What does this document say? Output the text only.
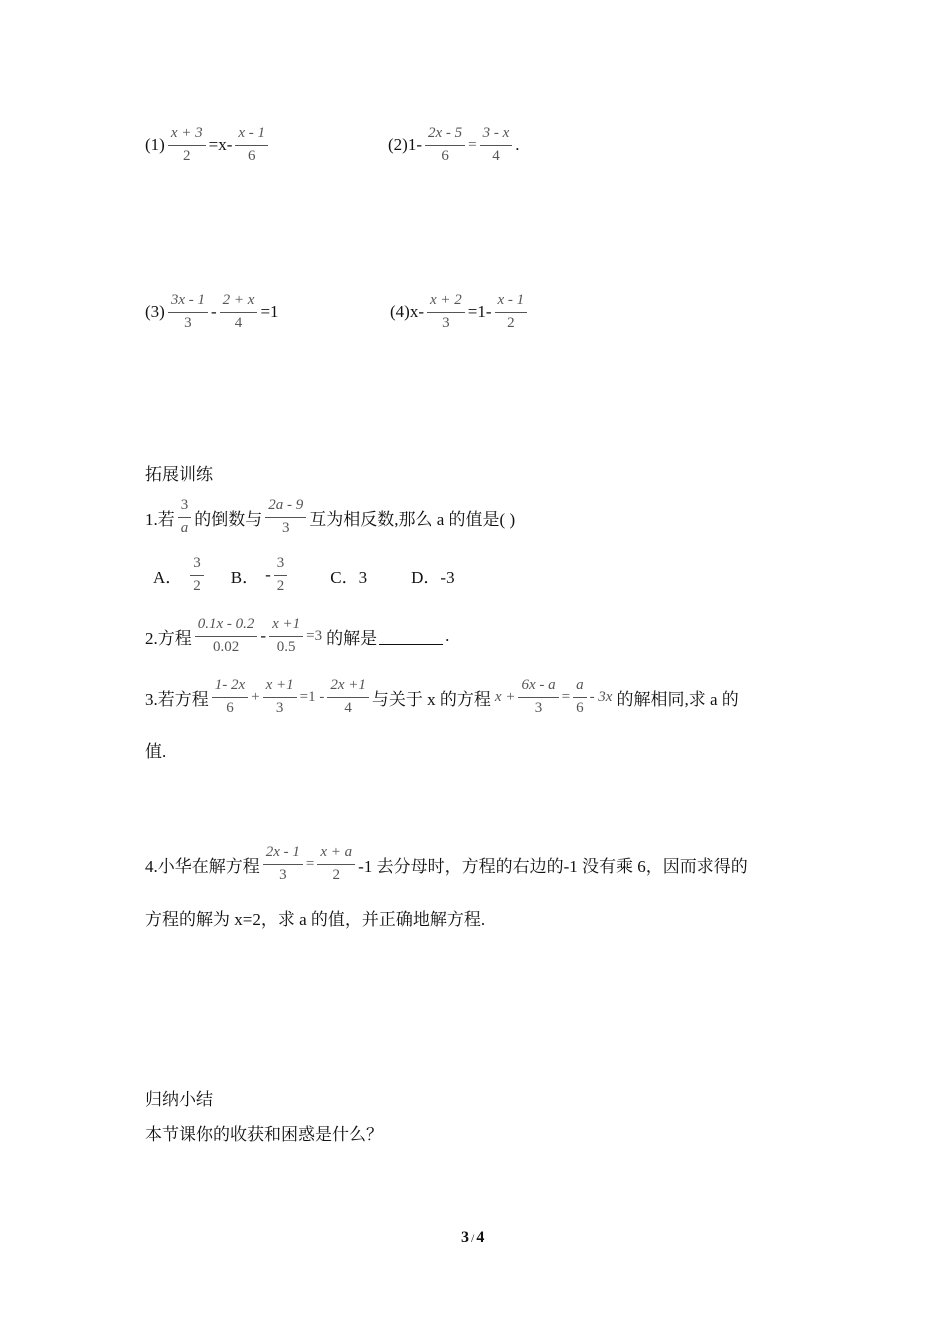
$(1) \frac{x + 3}{2} =x- \frac{x - 1}{6}$	$(2)1- \frac{2x - 5}{6} = \frac{3 - x}{4}$ .
$(3) \frac{3x - 1}{3} - \frac{2 + x}{4} =1$	$(4)x- \frac{x + 2}{3} =1- \frac{x - 1}{2}$
拓展训练
1.若 $\frac{3}{a}$ 的倒数与 $\frac{2a - 9}{3}$ 互为相反数,那么 a 的值是( )
A． $\frac{3}{2}$ B． - $\frac{3}{2}$	C．3	D．-3
2.方程 $\frac{0.1x - 0.2}{0.02} - \frac{x +1}{0.5} =3$ 的解是	.
3.若方程 $\frac{1- 2x}{6} + \frac{x +1}{3} =1 - \frac{2x +1}{4}$ 与关于 x 的方程 $x + \frac{6x - a}{3} = \frac{a}{6} - 3x$ 的解相同,求 a 的
值.
4.小华在解方程 $\frac{2x - 1}{3} = \frac{x + a}{2} -1$ 去分母时，方程的右边的-1 没有乘 6，因而求得的
方程的解为 x=2，求 a 的值，并正确地解方程.
归纳小结
本节课你的收获和困惑是什么？
3 / 4
